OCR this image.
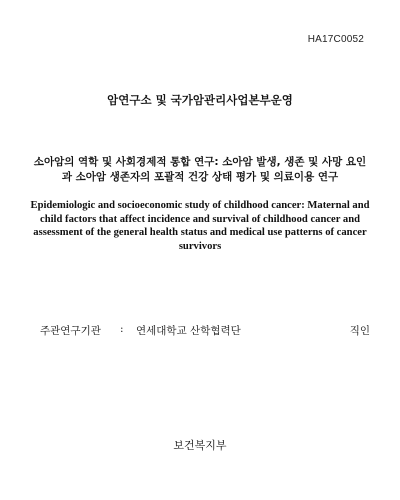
HA17C0052
암연구소 및 국가암관리사업본부운영
소아암의 역학 및 사회경제적 통합 연구: 소아암 발생, 생존 및 사망 요인과 소아암 생존자의 포괄적 건강 상태 평가 및 의료이용 연구
Epidemiologic and socioeconomic study of childhood cancer: Maternal and child factors that affect incidence and survival of childhood cancer and assessment of the general health status and medical use patterns of cancer survivors
주관연구기관 : 연세대학교 산학협력단	직인
보건복지부
